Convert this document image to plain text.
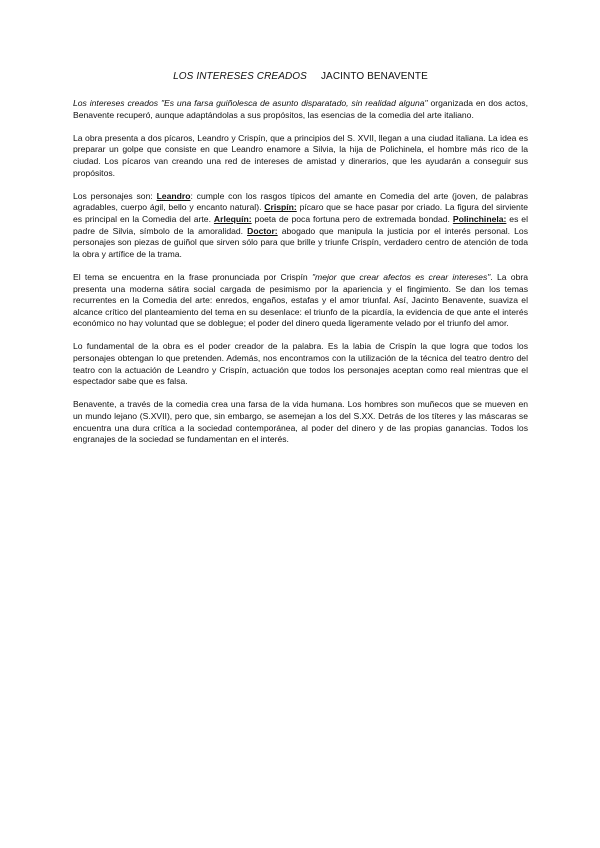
LOS INTERESES CREADOS JACINTO BENAVENTE

Los intereses creados "Es una farsa guiñolesca de asunto disparatado, sin realidad alguna" organizada en dos actos, Benavente recuperó, aunque adaptándolas a sus propósitos, las esencias de la comedia del arte italiano.

La obra presenta a dos pícaros, Leandro y Crispín, que a principios del S. XVII, llegan a una ciudad italiana. La idea es preparar un golpe que consiste en que Leandro enamore a Silvia, la hija de Polichinela, el hombre más rico de la ciudad. Los pícaros van creando una red de intereses de amistad y dinerarios, que les ayudarán a conseguir sus propósitos.

Los personajes son: Leandro: cumple con los rasgos típicos del amante en Comedia del arte (joven, de palabras agradables, cuerpo ágil, bello y encanto natural). Crispín: pícaro que se hace pasar por criado. La figura del sirviente es principal en la Comedia del arte. Arlequín: poeta de poca fortuna pero de extremada bondad. Polinchinela: es el padre de Silvia, símbolo de la amoralidad. Doctor: abogado que manipula la justicia por el interés personal. Los personajes son piezas de guiñol que sirven sólo para que brille y triunfe Crispín, verdadero centro de atención de toda la obra y artífice de la trama.

El tema se encuentra en la frase pronunciada por Crispín "mejor que crear afectos es crear intereses". La obra presenta una moderna sátira social cargada de pesimismo por la apariencia y el fingimiento. Se dan los temas recurrentes en la Comedia del arte: enredos, engaños, estafas y el amor triunfal. Así, Jacinto Benavente, suaviza el alcance crítico del planteamiento del tema en su desenlace: el triunfo de la picardía, la evidencia de que ante el interés económico no hay voluntad que se doblegue; el poder del dinero queda ligeramente velado por el triunfo del amor.

Lo fundamental de la obra es el poder creador de la palabra. Es la labia de Crispín la que logra que todos los personajes obtengan lo que pretenden. Además, nos encontramos con la utilización de la técnica del teatro dentro del teatro con la actuación de Leandro y Crispín, actuación que todos los personajes aceptan como real mientras que el espectador sabe que es falsa.

Benavente, a través de la comedia crea una farsa de la vida humana. Los hombres son muñecos que se mueven en un mundo lejano (S.XVII), pero que, sin embargo, se asemejan a los del S.XX. Detrás de los títeres y las máscaras se encuentra una dura crítica a la sociedad contemporánea, al poder del dinero y de las propias ganancias. Todos los engranajes de la sociedad se fundamentan en el interés.
